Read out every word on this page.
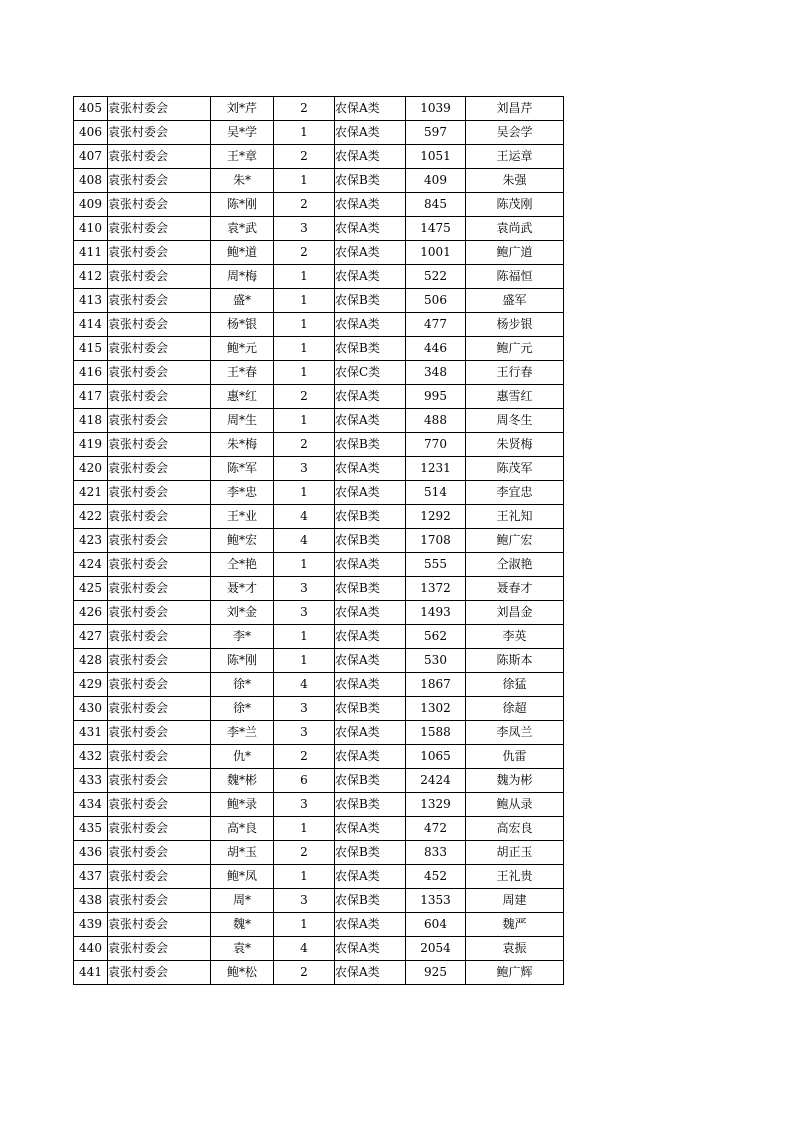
405	袁张村委会	刘*芹	2	农保A类	1039	刘昌芹
406	袁张村委会	吴*学	1	农保A类	597	吴会学
407	袁张村委会	王*章	2	农保A类	1051	王运章
408	袁张村委会	朱*	1	农保B类	409	朱强
409	袁张村委会	陈*刚	2	农保A类	845	陈茂刚
410	袁张村委会	袁*武	3	农保A类	1475	袁尚武
411	袁张村委会	鲍*道	2	农保A类	1001	鲍广道
412	袁张村委会	周*梅	1	农保A类	522	陈福恒
413	袁张村委会	盛*	1	农保B类	506	盛军
414	袁张村委会	杨*银	1	农保A类	477	杨步银
415	袁张村委会	鲍*元	1	农保B类	446	鲍广元
416	袁张村委会	王*春	1	农保C类	348	王行春
417	袁张村委会	惠*红	2	农保A类	995	惠雪红
418	袁张村委会	周*生	1	农保A类	488	周冬生
419	袁张村委会	朱*梅	2	农保B类	770	朱贤梅
420	袁张村委会	陈*军	3	农保A类	1231	陈茂军
421	袁张村委会	李*忠	1	农保A类	514	李宜忠
422	袁张村委会	王*业	4	农保B类	1292	王礼知
423	袁张村委会	鲍*宏	4	农保B类	1708	鲍广宏
424	袁张村委会	仝*艳	1	农保A类	555	仝淑艳
425	袁张村委会	聂*才	3	农保B类	1372	聂春才
426	袁张村委会	刘*金	3	农保A类	1493	刘昌金
427	袁张村委会	李*	1	农保A类	562	李英
428	袁张村委会	陈*刚	1	农保A类	530	陈斯本
429	袁张村委会	徐*	4	农保A类	1867	徐猛
430	袁张村委会	徐*	3	农保B类	1302	徐超
431	袁张村委会	李*兰	3	农保A类	1588	李凤兰
432	袁张村委会	仇*	2	农保A类	1065	仇雷
433	袁张村委会	魏*彬	6	农保B类	2424	魏为彬
434	袁张村委会	鲍*录	3	农保B类	1329	鲍从录
435	袁张村委会	高*良	1	农保A类	472	高宏良
436	袁张村委会	胡*玉	2	农保B类	833	胡正玉
437	袁张村委会	鲍*凤	1	农保A类	452	王礼贵
438	袁张村委会	周*	3	农保B类	1353	周建
439	袁张村委会	魏*	1	农保A类	604	魏严
440	袁张村委会	袁*	4	农保A类	2054	袁振
441	袁张村委会	鲍*松	2	农保A类	925	鲍广辉
